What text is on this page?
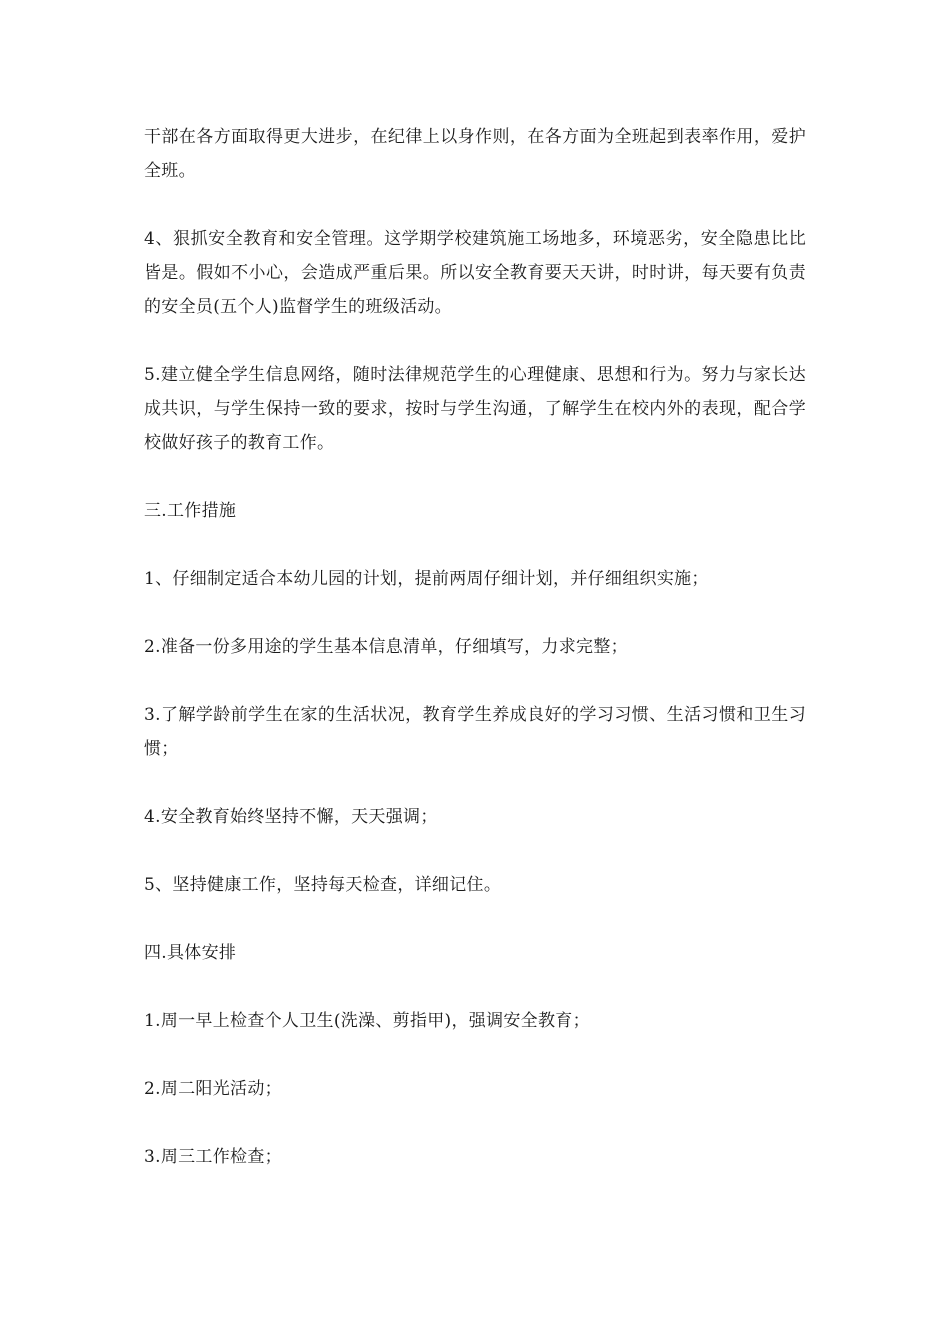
干部在各方面取得更大进步，在纪律上以身作则，在各方面为全班起到表率作用，爱护全班。

4、狠抓安全教育和安全管理。这学期学校建筑施工场地多，环境恶劣，安全隐患比比皆是。假如不小心，会造成严重后果。所以安全教育要天天讲，时时讲，每天要有负责的安全员(五个人)监督学生的班级活动。

5.建立健全学生信息网络，随时法律规范学生的心理健康、思想和行为。努力与家长达成共识，与学生保持一致的要求，按时与学生沟通，了解学生在校内外的表现，配合学校做好孩子的教育工作。

三.工作措施

1、仔细制定适合本幼儿园的计划，提前两周仔细计划，并仔细组织实施；

2.准备一份多用途的学生基本信息清单，仔细填写，力求完整；

3.了解学龄前学生在家的生活状况，教育学生养成良好的学习习惯、生活习惯和卫生习惯；

4.安全教育始终坚持不懈，天天强调；

5、坚持健康工作，坚持每天检查，详细记住。

四.具体安排

1.周一早上检查个人卫生(洗澡、剪指甲)，强调安全教育；

2.周二阳光活动；

3.周三工作检查；
